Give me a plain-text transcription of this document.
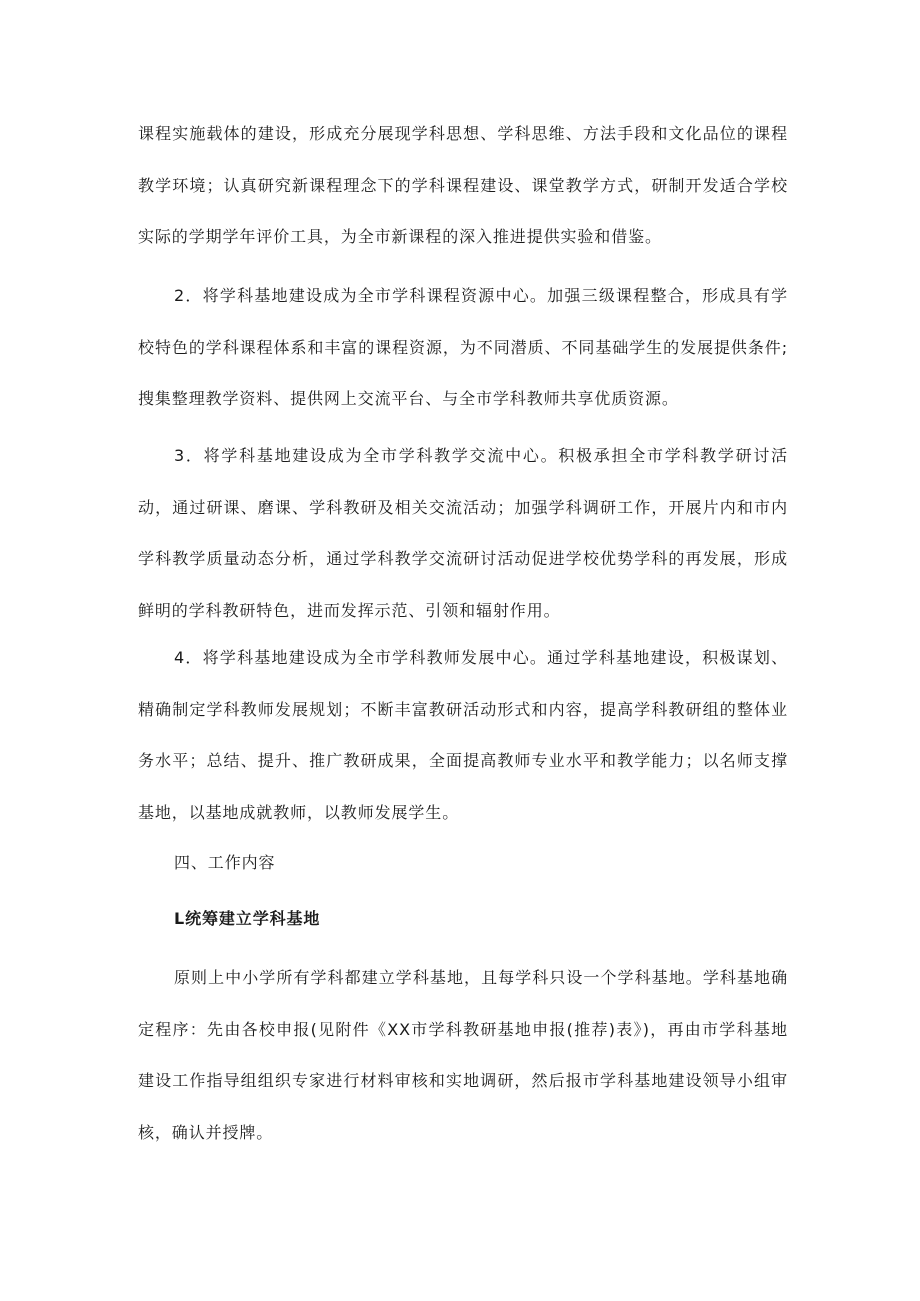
课程实施载体的建设，形成充分展现学科思想、学科思维、方法手段和文化品位的课程教学环境；认真研究新课程理念下的学科课程建设、课堂教学方式，研制开发适合学校实际的学期学年评价工具，为全市新课程的深入推进提供实验和借鉴。

2．将学科基地建设成为全市学科课程资源中心。加强三级课程整合，形成具有学校特色的学科课程体系和丰富的课程资源，为不同潜质、不同基础学生的发展提供条件;搜集整理教学资料、提供网上交流平台、与全市学科教师共享优质资源。

3．将学科基地建设成为全市学科教学交流中心。积极承担全市学科教学研讨活动，通过研课、磨课、学科教研及相关交流活动；加强学科调研工作，开展片内和市内学科教学质量动态分析，通过学科教学交流研讨活动促进学校优势学科的再发展，形成鲜明的学科教研特色，进而发挥示范、引领和辐射作用。

4．将学科基地建设成为全市学科教师发展中心。通过学科基地建设，积极谋划、精确制定学科教师发展规划；不断丰富教研活动形式和内容，提高学科教研组的整体业务水平；总结、提升、推广教研成果，全面提高教师专业水平和教学能力；以名师支撑基地，以基地成就教师，以教师发展学生。

四、工作内容

L统筹建立学科基地

原则上中小学所有学科都建立学科基地，且每学科只设一个学科基地。学科基地确定程序：先由各校申报(见附件《XX市学科教研基地申报(推荐)表》)，再由市学科基地建设工作指导组组织专家进行材料审核和实地调研，然后报市学科基地建设领导小组审核，确认并授牌。
